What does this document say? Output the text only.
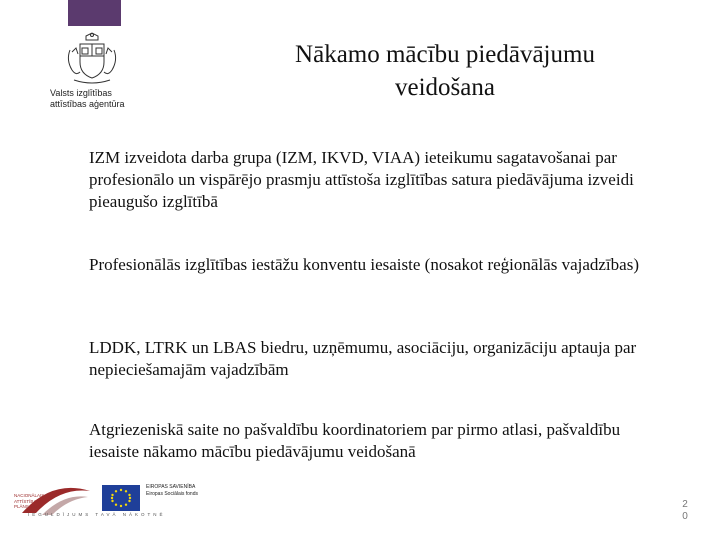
Valsts izglītības
attīstības aģentūra
Nākamo mācību piedāvājumu
veidošana
IZM izveidota darba grupa (IZM, IKVD, VIAA) ieteikumu sagatavošanai par profesionālo un vispārējo prasmju attīstoša izglītības satura piedāvājuma izveidi pieaugušo izglītībā
Profesionālās izglītības iestāžu konventu iesaiste (nosakot reģionālās vajadzības)
LDDK, LTRK un LBAS biedru, uzņēmumu, asociāciju, organizāciju aptauja par nepieciešamajām vajadzībām
Atgriezeniskā saite no pašvaldību koordinatoriem par pirmo atlasi, pašvaldību iesaiste nākamo mācību piedāvājumu veidošanā
NACIONĀLAIS ATTĪSTĪBAS PLĀNS 2020
EIROPAS SAVIENĪBA Eiropas Sociālais fonds
IEGULDĪJUMS TAVĀ NĀKOTNĒ
2
0
